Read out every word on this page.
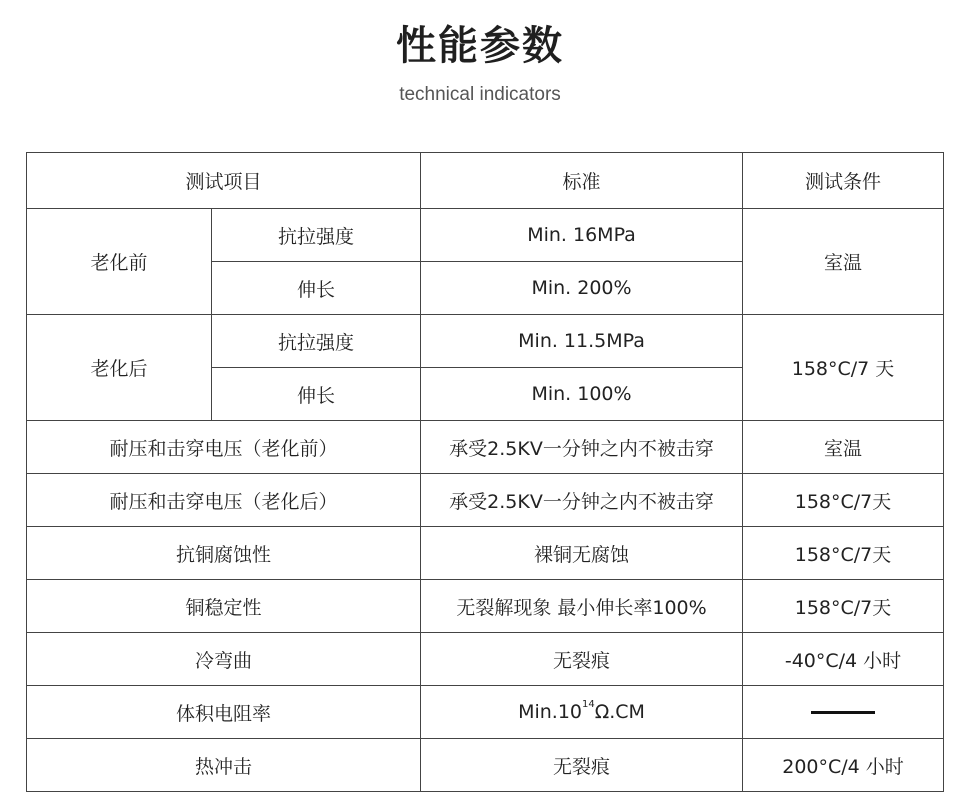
性能参数
technical indicators
测试项目		标准	测试条件
老化前	抗拉强度	Min. 16MPa	室温
	伸长	Min. 200%	
老化后	抗拉强度	Min. 11.5MPa	158°C/7 天
	伸长	Min. 100%	
耐压和击穿电压（老化前）		承受2.5KV一分钟之内不被击穿	室温
耐压和击穿电压（老化后）		承受2.5KV一分钟之内不被击穿	158°C/7天
抗铜腐蚀性		裸铜无腐蚀	158°C/7天
铜稳定性		无裂解现象 最小伸长率100%	158°C/7天
冷弯曲		无裂痕	-40°C/4 小时
体积电阻率		$Min.10^{14}\Omega.CM$	
热冲击		无裂痕	200°C/4 小时
